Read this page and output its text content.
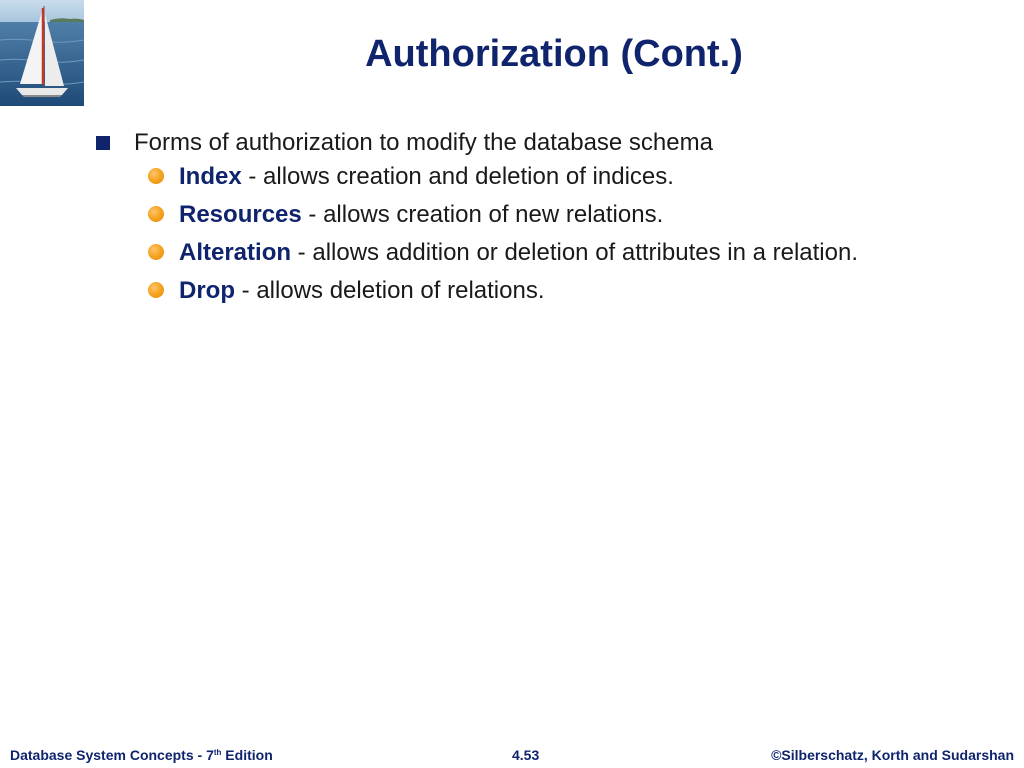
Authorization (Cont.)
Forms of authorization to modify the database schema
Index - allows creation and deletion of indices.
Resources - allows creation of new relations.
Alteration - allows addition or deletion of attributes in a relation.
Drop - allows deletion of relations.
Database System Concepts - 7th Edition	4.53	©Silberschatz, Korth and Sudarshan
